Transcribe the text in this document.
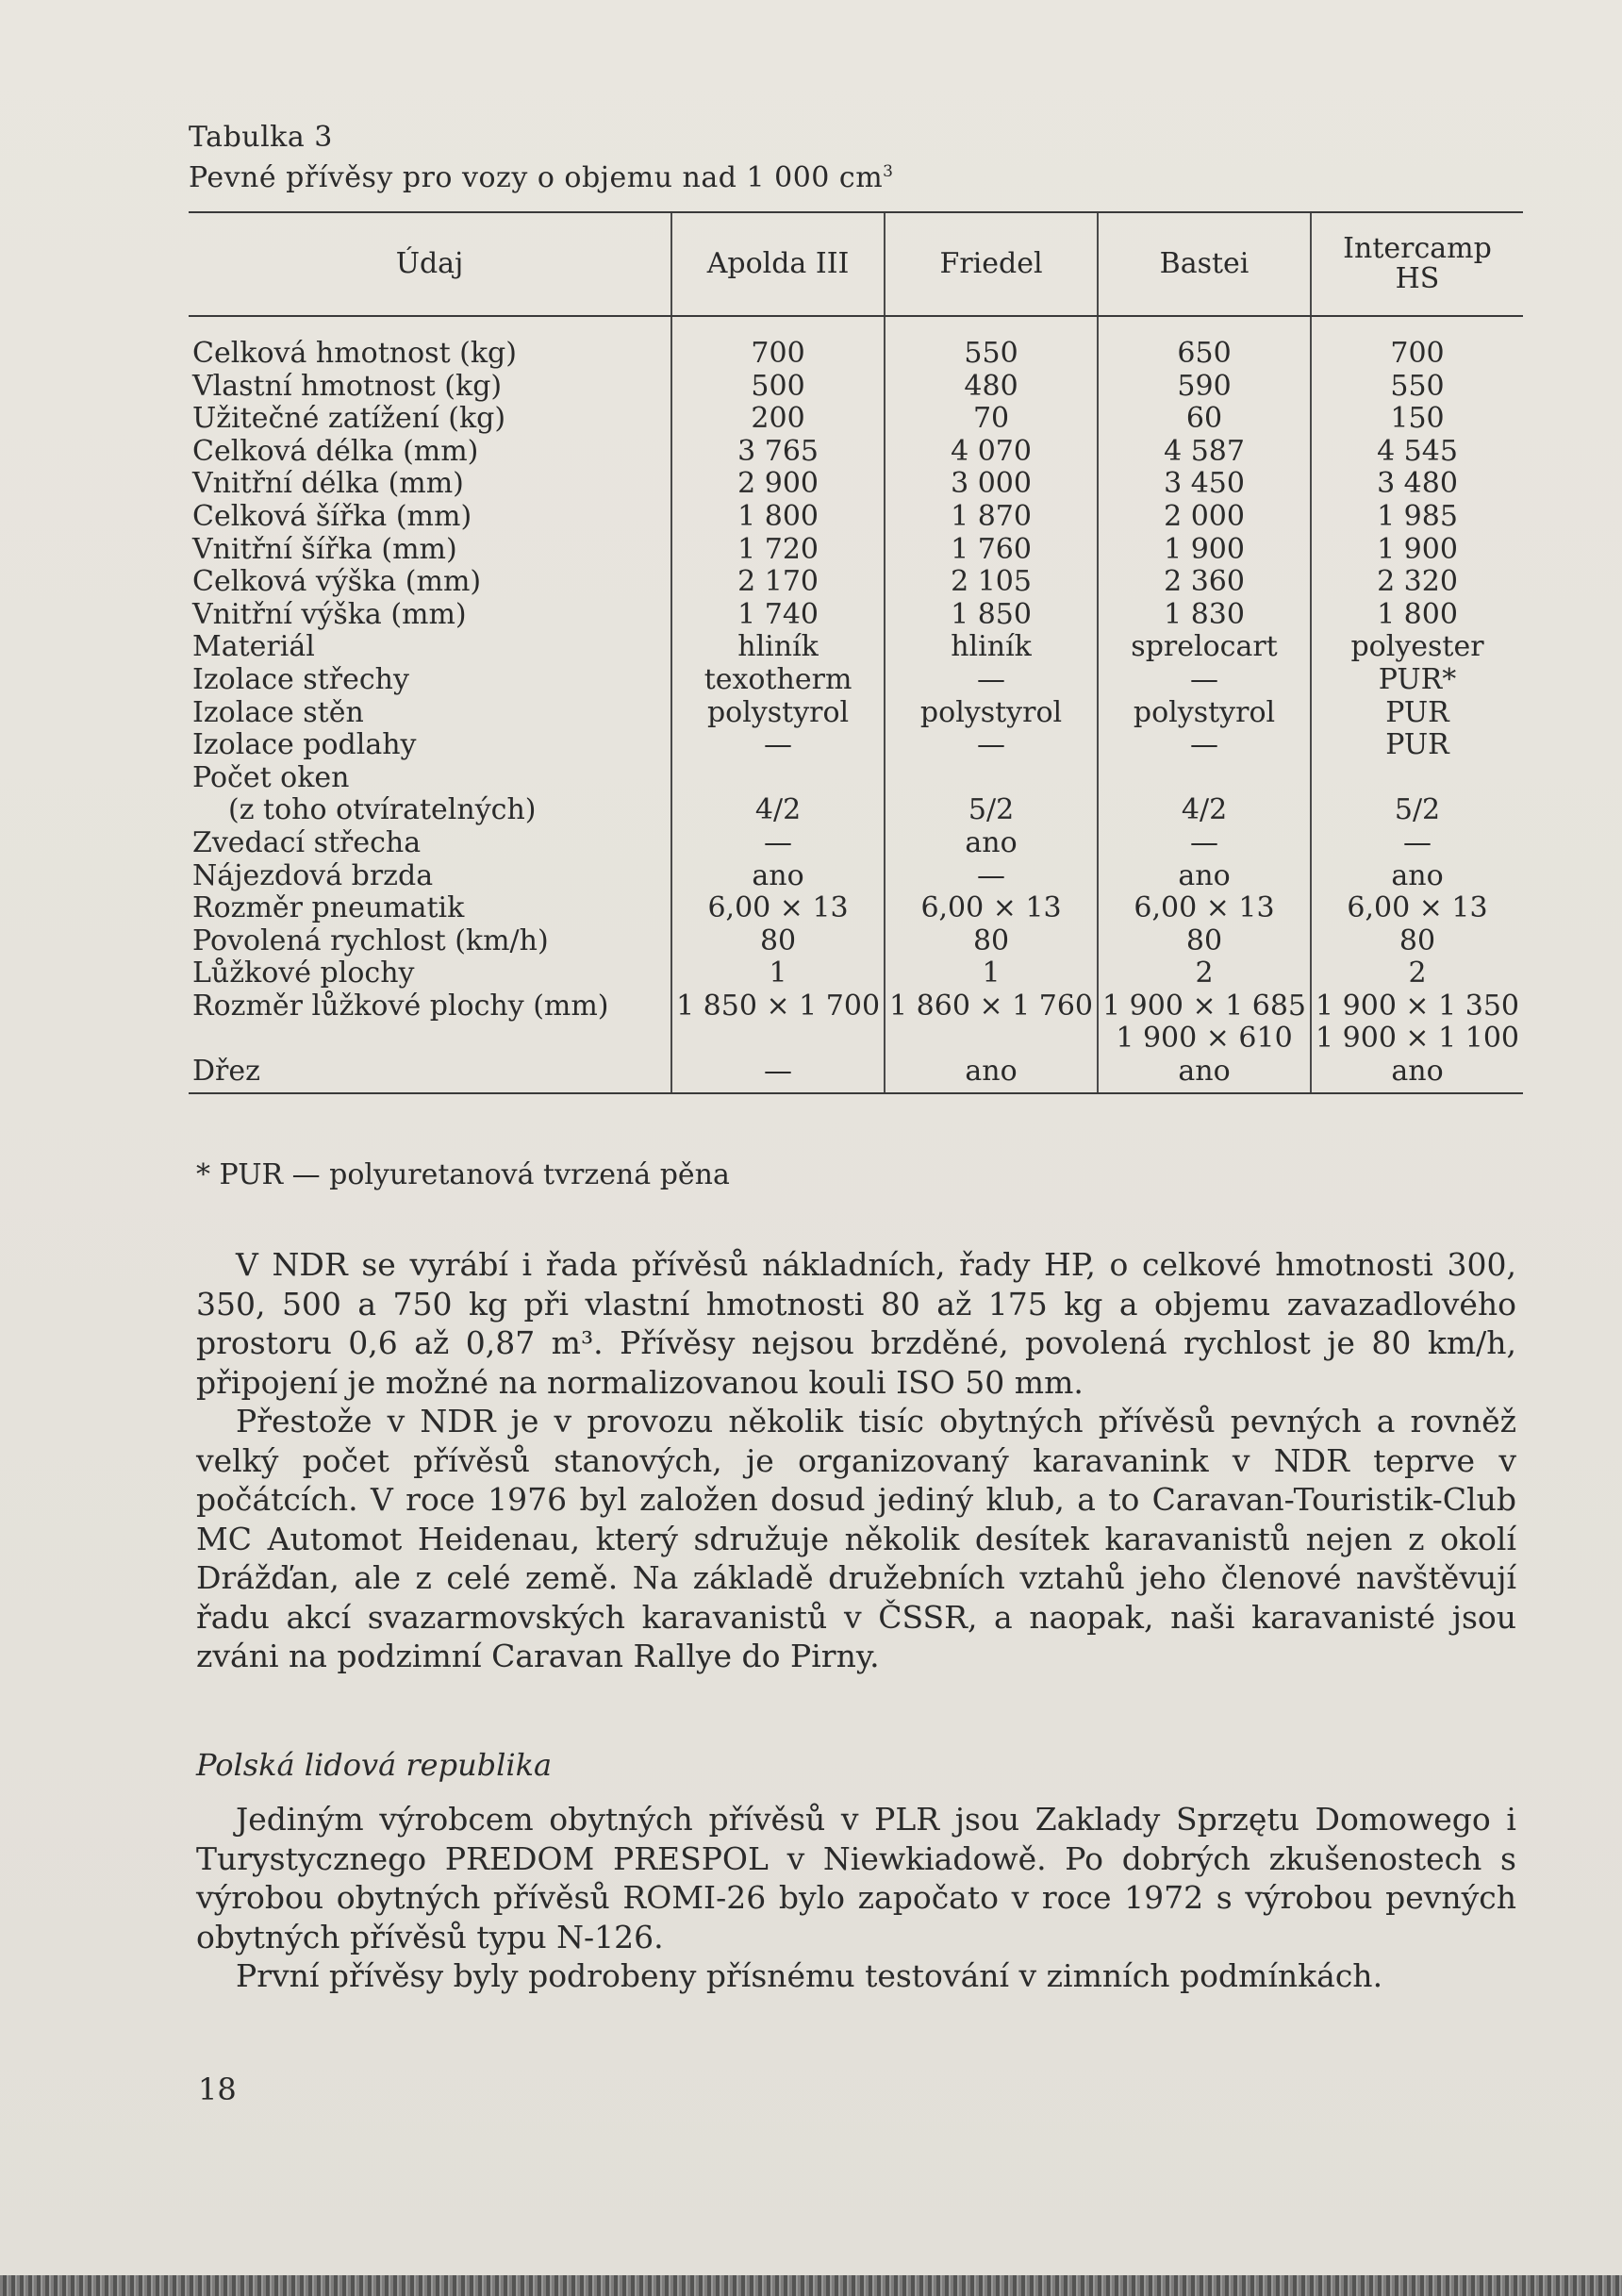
Tabulka 3
Pevné přívěsy pro vozy o objemu nad 1 000 $cm^3$
Údaj	Apolda III	Friedel	Bastei	Intercamp HS
Celková hmotnost (kg)	700	550	650	700
Vlastní hmotnost (kg)	500	480	590	550
Užitečné zatížení (kg)	200	70	60	150
Celková délka (mm)	3 765	4 070	4 587	4 545
Vnitřní délka (mm)	2 900	3 000	3 450	3 480
Celková šířka (mm)	1 800	1 870	2 000	1 985
Vnitřní šířka (mm)	1 720	1 760	1 900	1 900
Celková výška (mm)	2 170	2 105	2 360	2 320
Vnitřní výška (mm)	1 740	1 850	1 830	1 800
Materiál	hliník	hliník	sprelocart	polyester
Izolace střechy	texotherm	—	—	PUR*
Izolace stěn	polystyrol	polystyrol	polystyrol	PUR
Izolace podlahy	—	—	—	PUR
Počet oken				
(z toho otvíratelných)	4/2	5/2	4/2	5/2
Zvedací střecha	—	ano	—	—
Nájezdová brzda	ano	—	ano	ano
Rozměr pneumatik	6,00 × 13	6,00 × 13	6,00 × 13	6,00 × 13
Povolená rychlost (km/h)	80	80	80	80
Lůžkové plochy	1	1	2	2
Rozměr lůžkové plochy (mm)	1 850 × 1 700	1 860 × 1 760	1 900 × 1 685	1 900 × 1 350
			1 900 × 610	1 900 × 1 100
Dřez	—	ano	ano	ano
* PUR — polyuretanová tvrzená pěna

V NDR se vyrábí i řada přívěsů nákladních, řady HP, o celkové hmotnosti 300, 350, 500 a 750 kg při vlastní hmotnosti 80 až 175 kg a objemu zavazadlového prostoru 0,6 až 0,87 m³. Přívěsy nejsou brzděné, povolená rychlost je 80 km/h, připojení je možné na normalizovanou kouli ISO 50 mm.

Přestože v NDR je v provozu několik tisíc obytných přívěsů pevných a rovněž velký počet přívěsů stanových, je organizovaný karavanink v NDR teprve v počátcích. V roce 1976 byl založen dosud jediný klub, a to Caravan-Touristik-Club MC Automot Heidenau, který sdružuje několik desítek karavanistů nejen z okolí Drážďan, ale z celé země. Na základě družebních vztahů jeho členové navštěvují řadu akcí svazarmovských karavanistů v ČSSR, a naopak, naši karavanisté jsou zváni na podzimní Caravan Rallye do Pirny.

Polská lidová republika

Jediným výrobcem obytných přívěsů v PLR jsou Zaklady Sprzętu Domowego i Turystycznego PREDOM PRESPOL v Niewkiadowě. Po dobrých zkušenostech s výrobou obytných přívěsů ROMI-26 bylo započato v roce 1972 s výrobou pevných obytných přívěsů typu N-126.

První přívěsy byly podrobeny přísnému testování v zimních podmínkách.

18
